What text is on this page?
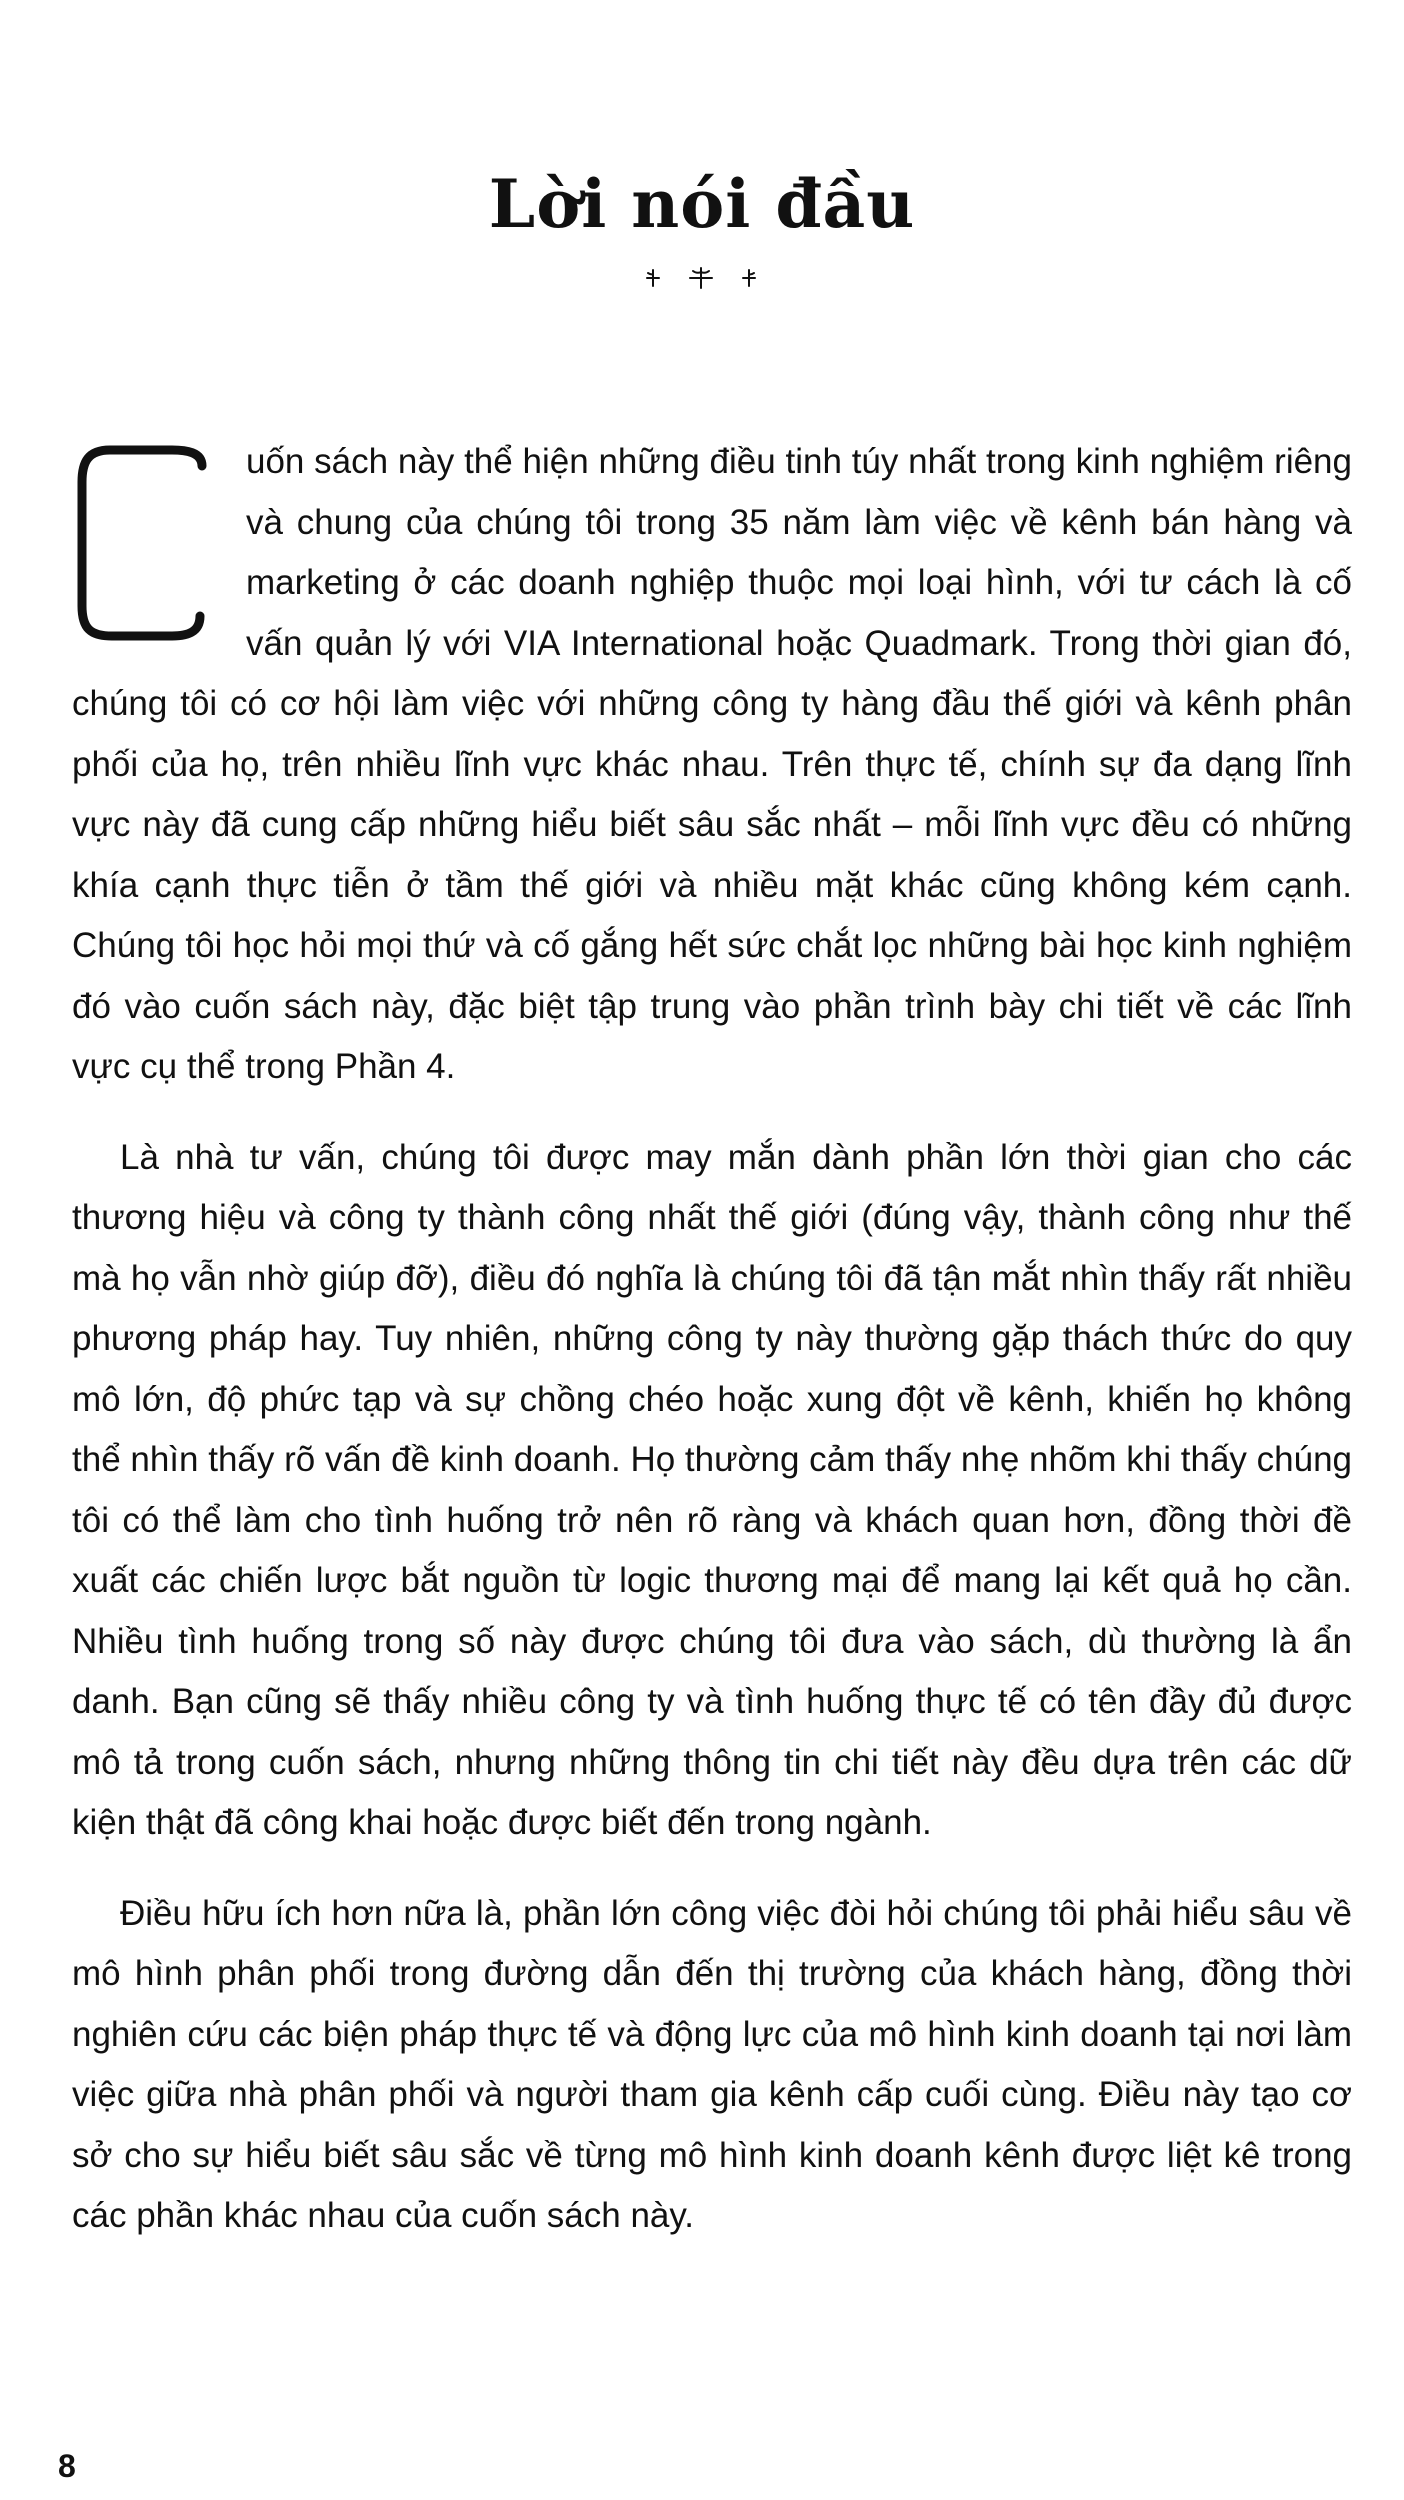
Lời nói đầu

uốn sách này thể hiện những điều tinh túy nhất trong kinh nghiệm riêng và chung của chúng tôi trong 35 năm làm việc về kênh bán hàng và marketing ở các doanh nghiệp thuộc mọi loại hình, với tư cách là cố vấn quản lý với VIA International hoặc Quadmark. Trong thời gian đó, chúng tôi có cơ hội làm việc với những công ty hàng đầu thế giới và kênh phân phối của họ, trên nhiều lĩnh vực khác nhau. Trên thực tế, chính sự đa dạng lĩnh vực này đã cung cấp những hiểu biết sâu sắc nhất – mỗi lĩnh vực đều có những khía cạnh thực tiễn ở tầm thế giới và nhiều mặt khác cũng không kém cạnh. Chúng tôi học hỏi mọi thứ và cố gắng hết sức chắt lọc những bài học kinh nghiệm đó vào cuốn sách này, đặc biệt tập trung vào phần trình bày chi tiết về các lĩnh vực cụ thể trong Phần 4.

Là nhà tư vấn, chúng tôi được may mắn dành phần lớn thời gian cho các thương hiệu và công ty thành công nhất thế giới (đúng vậy, thành công như thế mà họ vẫn nhờ giúp đỡ), điều đó nghĩa là chúng tôi đã tận mắt nhìn thấy rất nhiều phương pháp hay. Tuy nhiên, những công ty này thường gặp thách thức do quy mô lớn, độ phức tạp và sự chồng chéo hoặc xung đột về kênh, khiến họ không thể nhìn thấy rõ vấn đề kinh doanh. Họ thường cảm thấy nhẹ nhõm khi thấy chúng tôi có thể làm cho tình huống trở nên rõ ràng và khách quan hơn, đồng thời đề xuất các chiến lược bắt nguồn từ logic thương mại để mang lại kết quả họ cần. Nhiều tình huống trong số này được chúng tôi đưa vào sách, dù thường là ẩn danh. Bạn cũng sẽ thấy nhiều công ty và tình huống thực tế có tên đầy đủ được mô tả trong cuốn sách, nhưng những thông tin chi tiết này đều dựa trên các dữ kiện thật đã công khai hoặc được biết đến trong ngành.

Điều hữu ích hơn nữa là, phần lớn công việc đòi hỏi chúng tôi phải hiểu sâu về mô hình phân phối trong đường dẫn đến thị trường của khách hàng, đồng thời nghiên cứu các biện pháp thực tế và động lực của mô hình kinh doanh tại nơi làm việc giữa nhà phân phối và người tham gia kênh cấp cuối cùng. Điều này tạo cơ sở cho sự hiểu biết sâu sắc về từng mô hình kinh doanh kênh được liệt kê trong các phần khác nhau của cuốn sách này.

8
